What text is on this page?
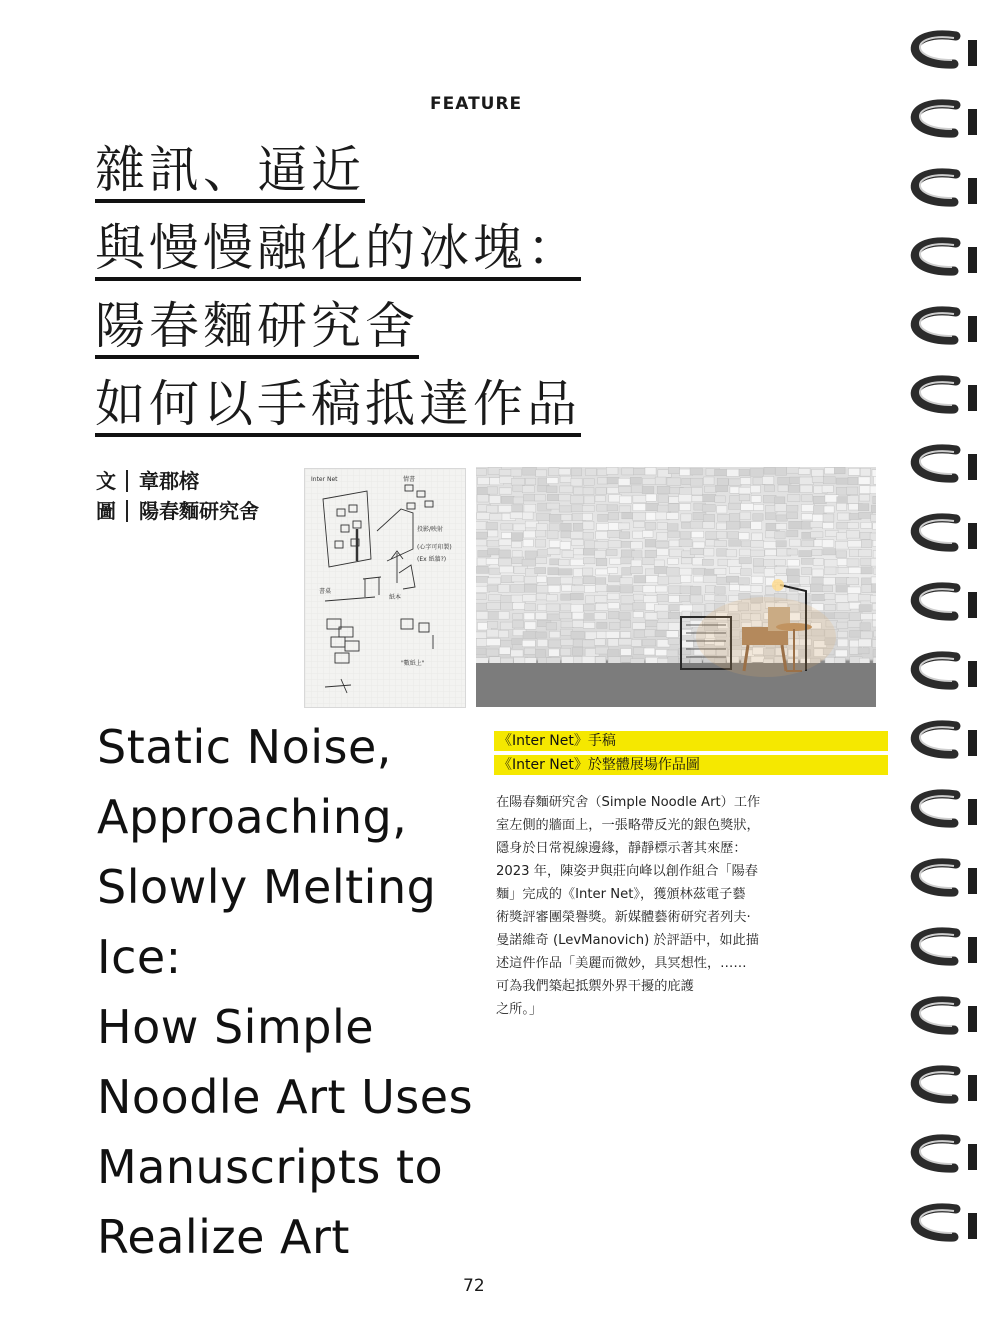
FEATURE
雜訊、逼近
與慢慢融化的冰塊：
陽春麵研究舍
如何以手稿抵達作品
文 章郡榕
圖 陽春麵研究舍
Inter Net	情書
投影/映射
(心字可印製)
(Ex 紙牆?)
書桌
紙本
"數紙上"
Static Noise,
Approaching,
Slowly Melting
Ice:
How Simple
Noodle Art Uses
Manuscripts to
Realize Art
《Inter Net》手稿
《Inter Net》於整體展場作品圖
在陽春麵研究舍（Simple Noodle Art）工作
室左側的牆面上，一張略帶反光的銀色獎狀，
隱身於日常視線邊緣，靜靜標示著其來歷：
2023 年，陳姿尹與莊向峰以創作組合「陽春
麵」完成的《Inter Net》，獲頒林茲電子藝
術獎評審團榮譽獎。新媒體藝術研究者列夫·
曼諾維奇 (LevManovich) 於評語中，如此描
述這件作品「美麗而微妙，具冥想性，……
可為我們築起抵禦外界干擾的庇護
之所。」
72
